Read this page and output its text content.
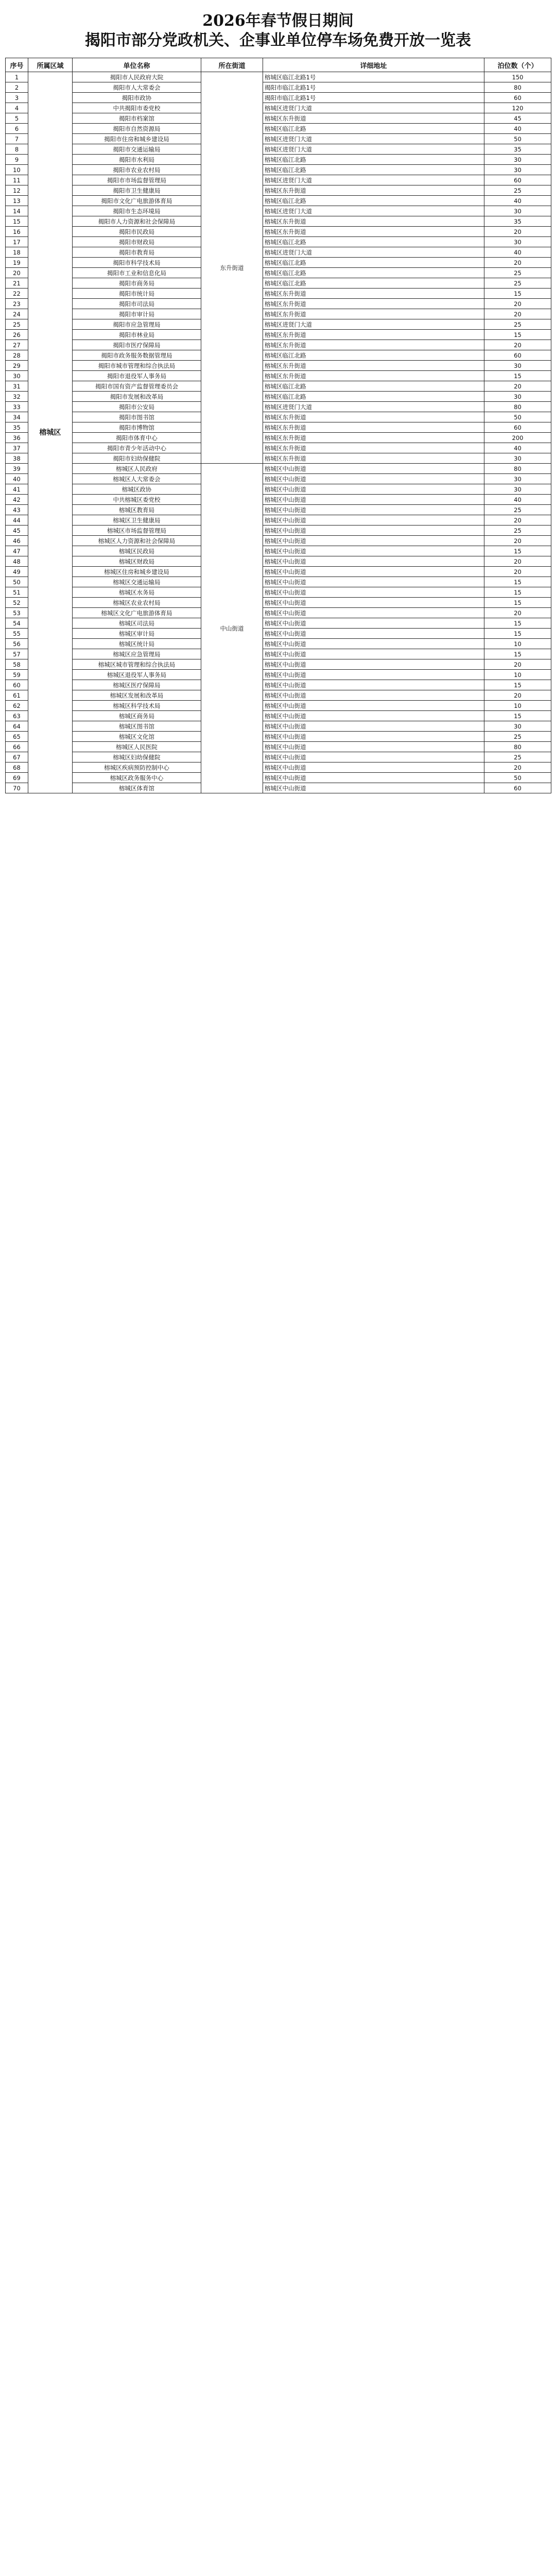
2026年春节假日期间
揭阳市部分党政机关、企事业单位停车场免费开放一览表
序号	所属区域	单位名称	所在街道	详细地址	泊位数（个）
1	榕城区	揭阳市人民政府大院	东升街道	榕城区临江北路1号	150
2		揭阳市人大常委会		揭阳市临江北路1号	80
3		揭阳市政协		揭阳市临江北路1号	60
4		中共揭阳市委党校		榕城区进贤门大道	120
5		揭阳市档案馆		榕城区东升街道	45
6		揭阳市自然资源局		榕城区临江北路	40
7		揭阳市住房和城乡建设局		榕城区进贤门大道	50
8		揭阳市交通运输局		榕城区进贤门大道	35
9		揭阳市水利局		榕城区临江北路	30
10		揭阳市农业农村局		榕城区临江北路	30
11		揭阳市市场监督管理局		榕城区进贤门大道	60
12		揭阳市卫生健康局		榕城区东升街道	25
13		揭阳市文化广电旅游体育局		榕城区临江北路	40
14		揭阳市生态环境局		榕城区进贤门大道	30
15		揭阳市人力资源和社会保障局		榕城区东升街道	35
16		揭阳市民政局		榕城区东升街道	20
17		揭阳市财政局		榕城区临江北路	30
18		揭阳市教育局		榕城区进贤门大道	40
19		揭阳市科学技术局		榕城区临江北路	20
20		揭阳市工业和信息化局		榕城区临江北路	25
21		揭阳市商务局		榕城区临江北路	25
22		揭阳市统计局		榕城区东升街道	15
23		揭阳市司法局		榕城区东升街道	20
24		揭阳市审计局		榕城区东升街道	20
25		揭阳市应急管理局		榕城区进贤门大道	25
26		揭阳市林业局		榕城区东升街道	15
27		揭阳市医疗保障局		榕城区东升街道	20
28		揭阳市政务服务数据管理局		榕城区临江北路	60
29		揭阳市城市管理和综合执法局		榕城区东升街道	30
30		揭阳市退役军人事务局		榕城区东升街道	15
31		揭阳市国有资产监督管理委员会		榕城区临江北路	20
32		揭阳市发展和改革局		榕城区临江北路	30
33		揭阳市公安局		榕城区进贤门大道	80
34		揭阳市图书馆		榕城区东升街道	50
35		揭阳市博物馆		榕城区东升街道	60
36		揭阳市体育中心		榕城区东升街道	200
37		揭阳市青少年活动中心		榕城区东升街道	40
38		揭阳市妇幼保健院		榕城区东升街道	30
39		榕城区人民政府	中山街道	榕城区中山街道	80
40		榕城区人大常委会		榕城区中山街道	30
41		榕城区政协		榕城区中山街道	30
42		中共榕城区委党校		榕城区中山街道	40
43		榕城区教育局		榕城区中山街道	25
44		榕城区卫生健康局		榕城区中山街道	20
45		榕城区市场监督管理局		榕城区中山街道	25
46		榕城区人力资源和社会保障局		榕城区中山街道	20
47		榕城区民政局		榕城区中山街道	15
48		榕城区财政局		榕城区中山街道	20
49		榕城区住房和城乡建设局		榕城区中山街道	20
50		榕城区交通运输局		榕城区中山街道	15
51		榕城区水务局		榕城区中山街道	15
52		榕城区农业农村局		榕城区中山街道	15
53		榕城区文化广电旅游体育局		榕城区中山街道	20
54		榕城区司法局		榕城区中山街道	15
55		榕城区审计局		榕城区中山街道	15
56		榕城区统计局		榕城区中山街道	10
57		榕城区应急管理局		榕城区中山街道	15
58		榕城区城市管理和综合执法局		榕城区中山街道	20
59		榕城区退役军人事务局		榕城区中山街道	10
60		榕城区医疗保障局		榕城区中山街道	15
61		榕城区发展和改革局		榕城区中山街道	20
62		榕城区科学技术局		榕城区中山街道	10
63		榕城区商务局		榕城区中山街道	15
64		榕城区图书馆		榕城区中山街道	30
65		榕城区文化馆		榕城区中山街道	25
66		榕城区人民医院		榕城区中山街道	80
67		榕城区妇幼保健院		榕城区中山街道	25
68		榕城区疾病预防控制中心		榕城区中山街道	20
69		榕城区政务服务中心		榕城区中山街道	50
70		榕城区体育馆		榕城区中山街道	60
